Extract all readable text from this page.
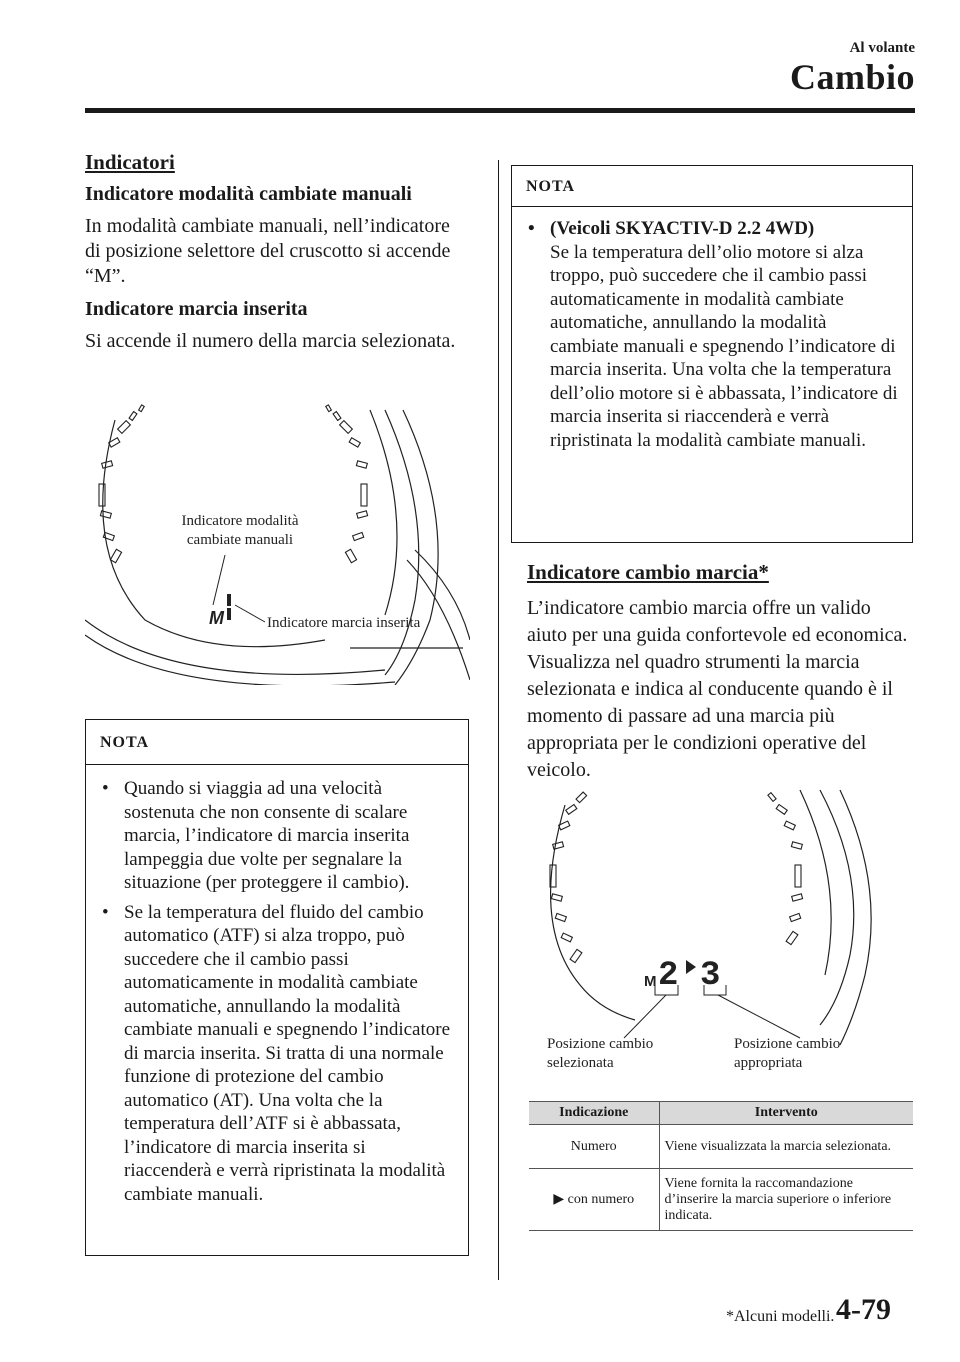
Al volante
Cambio
Indicatori
Indicatore modalità cambiate manuali

In modalità cambiate manuali, nell’indicatore di posizione selettore del cruscotto si accende “M”.

Indicatore marcia inserita

Si accende il numero della marcia selezionata.

M
Indicatore modalità
cambiate manuali
Indicatore marcia inserita
NOTA
• Quando si viaggia ad una velocità sostenuta che non consente di scalare marcia, l’indicatore di marcia inserita lampeggia due volte per segnalare la situazione (per proteggere il cambio).
• Se la temperatura del fluido del cambio automatico (ATF) si alza troppo, può succedere che il cambio passi automaticamente in modalità cambiate automatiche, annullando la modalità cambiate manuali e spegnendo l’indicatore di marcia inserita. Si tratta di una normale funzione di protezione del cambio automatico (AT). Una volta che la temperatura dell’ATF si è abbassata, l’indicatore di marcia inserita si riaccenderà e verrà ripristinata la modalità cambiate manuali.
NOTA
• (Veicoli SKYACTIV-D 2.2 4WD)
Se la temperatura dell’olio motore si alza troppo, può succedere che il cambio passi automaticamente in modalità cambiate automatiche, annullando la modalità cambiate manuali e spegnendo l’indicatore di marcia inserita. Una volta che la temperatura dell’olio motore si è abbassata, l’indicatore di marcia inserita si riaccenderà e verrà ripristinata la modalità cambiate manuali.
Indicatore cambio marcia*

L’indicatore cambio marcia offre un valido aiuto per una guida confortevole ed economica. Visualizza nel quadro strumenti la marcia selezionata e indica al conducente quando è il momento di passare ad una marcia più appropriata per le condizioni operative del veicolo.

M 2 3
Posizione cambio
selezionata
Posizione cambio
appropriata
Indicazione	Intervento
Numero	Viene visualizzata la marcia selezionata.
▶ con numero	Viene fornita la raccomandazione d’inserire la marcia superiore o inferiore indicata.
*Alcuni modelli. 4-79
